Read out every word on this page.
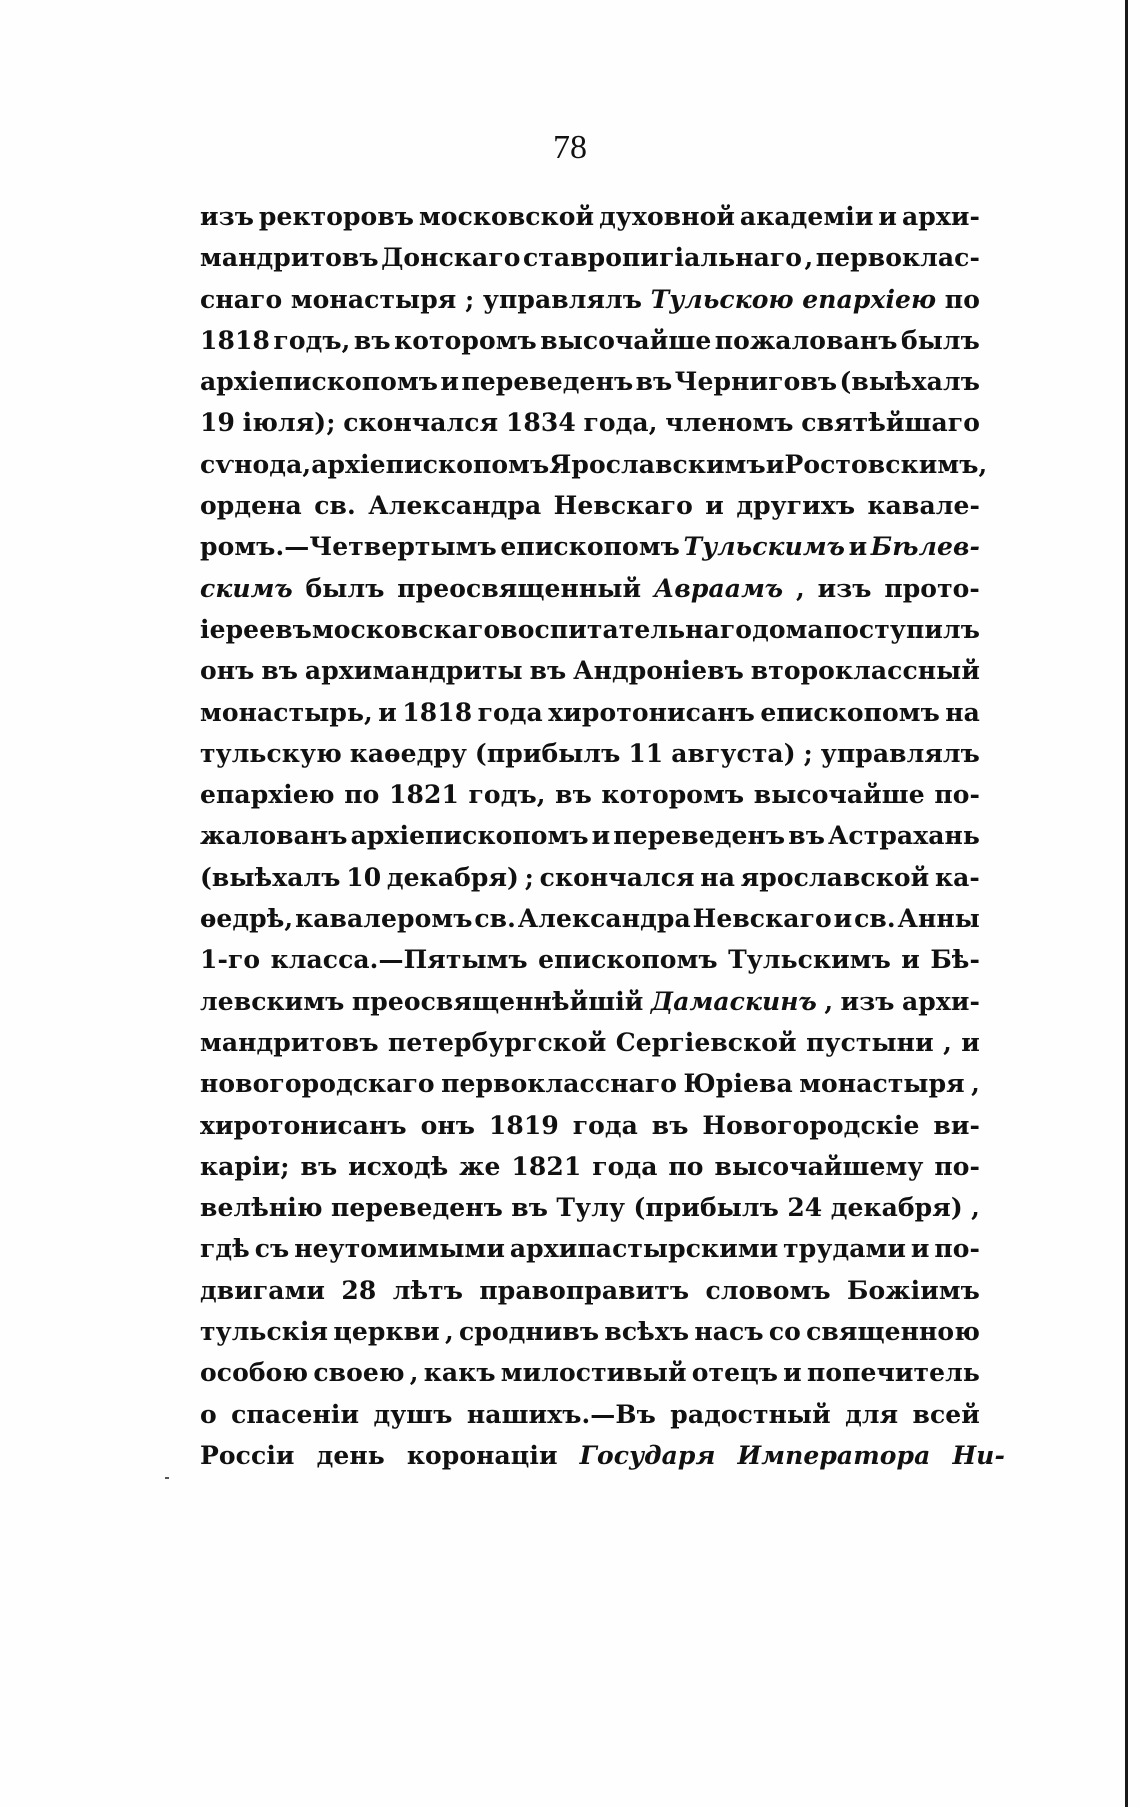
78
изъ ректоровъ московской духовной академіи и архи-
мандритовъ Донскаго ставропигіальнаго , первоклас-
снаго монастыря ; управлялъ Тульскою епархіею по
1818 годъ, въ которомъ высочайше пожалованъ былъ
архіепископомъ и переведенъ въ Черниговъ (выѣхалъ
19 іюля); скончался 1834 года, членомъ святѣйшаго
сѵнода, архіепископомъ Ярославскимъ и Ростовскимъ,
ордена св. Александра Невскаго и другихъ кавале-
ромъ.—Четвертымъ епископомъ Тульскимъ и Бѣлев-
скимъ былъ преосвященный Авраамъ , изъ прото-
іереевъ московскаго воспитательнаго дома поступилъ
онъ въ архимандриты въ Андроніевъ второклассный
монастырь, и 1818 года хиротонисанъ епископомъ на
тульскую каѳедру (прибылъ 11 августа) ; управлялъ
епархіею по 1821 годъ, въ которомъ высочайше по-
жалованъ архіепископомъ и переведенъ въ Астрахань
(выѣхалъ 10 декабря) ; скончался на ярославской ка-
ѳедрѣ, кавалеромъ св. Александра Невскаго и св. Анны
1-го класса.—Пятымъ епископомъ Тульскимъ и Бѣ-
левскимъ преосвященнѣйшій Дамаскинъ , изъ архи-
мандритовъ петербургской Сергіевской пустыни , и
новогородскаго первокласснаго Юріева монастыря ,
хиротонисанъ онъ 1819 года въ Новогородскіе ви-
каріи; въ исходѣ же 1821 года по высочайшему по-
велѣнію переведенъ въ Тулу (прибылъ 24 декабря) ,
гдѣ съ неутомимыми архипастырскими трудами и по-
двигами 28 лѣтъ правоправитъ словомъ Божіимъ
тульскія церкви , сроднивъ всѣхъ насъ со священною
особою своею , какъ милостивый отецъ и попечитель
о спасеніи душъ нашихъ.—Въ радостный для всей
Россіи день коронаціи Государя Императора Ни-
